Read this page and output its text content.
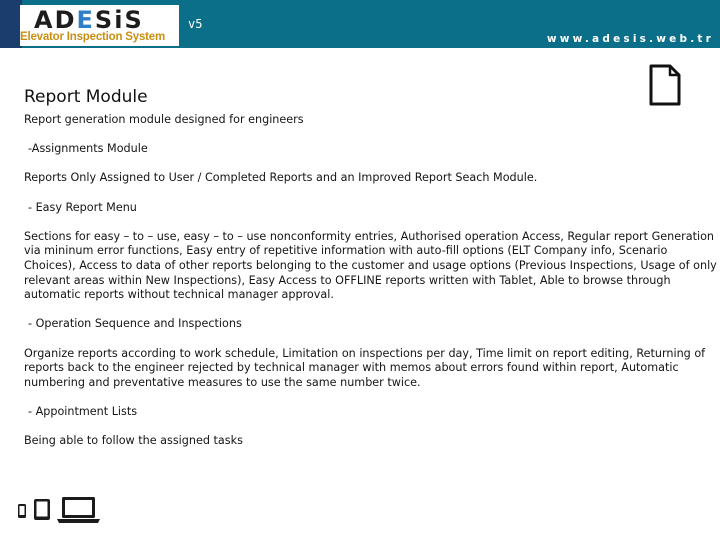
ADESiS
Elevator Inspection System
v5
www.adesis.web.tr
Report Module

Report generation module designed for engineers

-Assignments Module

Reports Only Assigned to User / Completed Reports and an Improved Report Seach Module.

- Easy Report Menu

Sections for easy – to – use, easy – to – use nonconformity entries, Authorised operation Access, Regular report Generation via mininum error functions, Easy entry of repetitive information with auto-fill options (ELT Company info, Scenario Choices), Access to data of other reports belonging to the customer and usage options (Previous Inspections, Usage of only relevant areas within New Inspections), Easy Access to OFFLINE reports written with Tablet, Able to browse through automatic reports without technical manager approval.

- Operation Sequence and Inspections

Organize reports according to work schedule, Limitation on inspections per day, Time limit on report editing, Returning of reports back to the engineer rejected by technical manager with memos about errors found within report, Automatic numbering and preventative measures to use the same number twice.

- Appointment Lists

Being able to follow the assigned tasks
